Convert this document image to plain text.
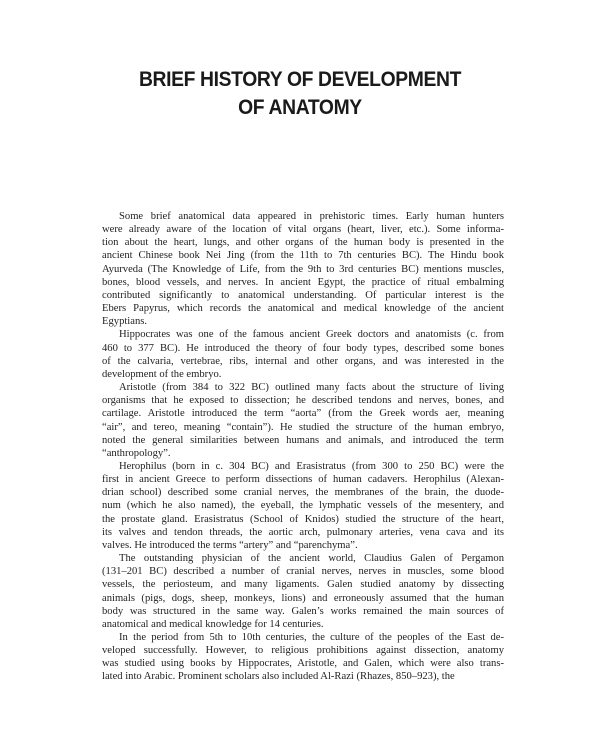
BRIEF HISTORY OF DEVELOPMENT
OF ANATOMY

Some brief anatomical data appeared in prehistoric times. Early human hunters
were already aware of the location of vital organs (heart, liver, etc.). Some informa-
tion about the heart, lungs, and other organs of the human body is presented in the
ancient Chinese book Nei Jing (from the 11th to 7th centuries BC). The Hindu book
Ayurveda (The Knowledge of Life, from the 9th to 3rd centuries BC) mentions muscles,
bones, blood vessels, and nerves. In ancient Egypt, the practice of ritual embalming
contributed significantly to anatomical understanding. Of particular interest is the
Ebers Papyrus, which records the anatomical and medical knowledge of the ancient
Egyptians.

Hippocrates was one of the famous ancient Greek doctors and anatomists (c. from
460 to 377 BC). He introduced the theory of four body types, described some bones
of the calvaria, vertebrae, ribs, internal and other organs, and was interested in the
development of the embryo.

Aristotle (from 384 to 322 BC) outlined many facts about the structure of living
organisms that he exposed to dissection; he described tendons and nerves, bones, and
cartilage. Aristotle introduced the term “aorta” (from the Greek words aer, meaning
“air”, and tereo, meaning “contain”). He studied the structure of the human embryo,
noted the general similarities between humans and animals, and introduced the term
“anthropology”.

Herophilus (born in c. 304 BC) and Erasistratus (from 300 to 250 BC) were the
first in ancient Greece to perform dissections of human cadavers. Herophilus (Alexan-
drian school) described some cranial nerves, the membranes of the brain, the duode-
num (which he also named), the eyeball, the lymphatic vessels of the mesentery, and
the prostate gland. Erasistratus (School of Knidos) studied the structure of the heart,
its valves and tendon threads, the aortic arch, pulmonary arteries, vena cava and its
valves. He introduced the terms “artery” and “parenchyma”.

The outstanding physician of the ancient world, Claudius Galen of Pergamon
(131–201 BC) described a number of cranial nerves, nerves in muscles, some blood
vessels, the periosteum, and many ligaments. Galen studied anatomy by dissecting
animals (pigs, dogs, sheep, monkeys, lions) and erroneously assumed that the human
body was structured in the same way. Galen’s works remained the main sources of
anatomical and medical knowledge for 14 centuries.

In the period from 5th to 10th centuries, the culture of the peoples of the East de-
veloped successfully. However, to religious prohibitions against dissection, anatomy
was studied using books by Hippocrates, Aristotle, and Galen, which were also trans-
lated into Arabic. Prominent scholars also included Al-Razi (Rhazes, 850–923), the
